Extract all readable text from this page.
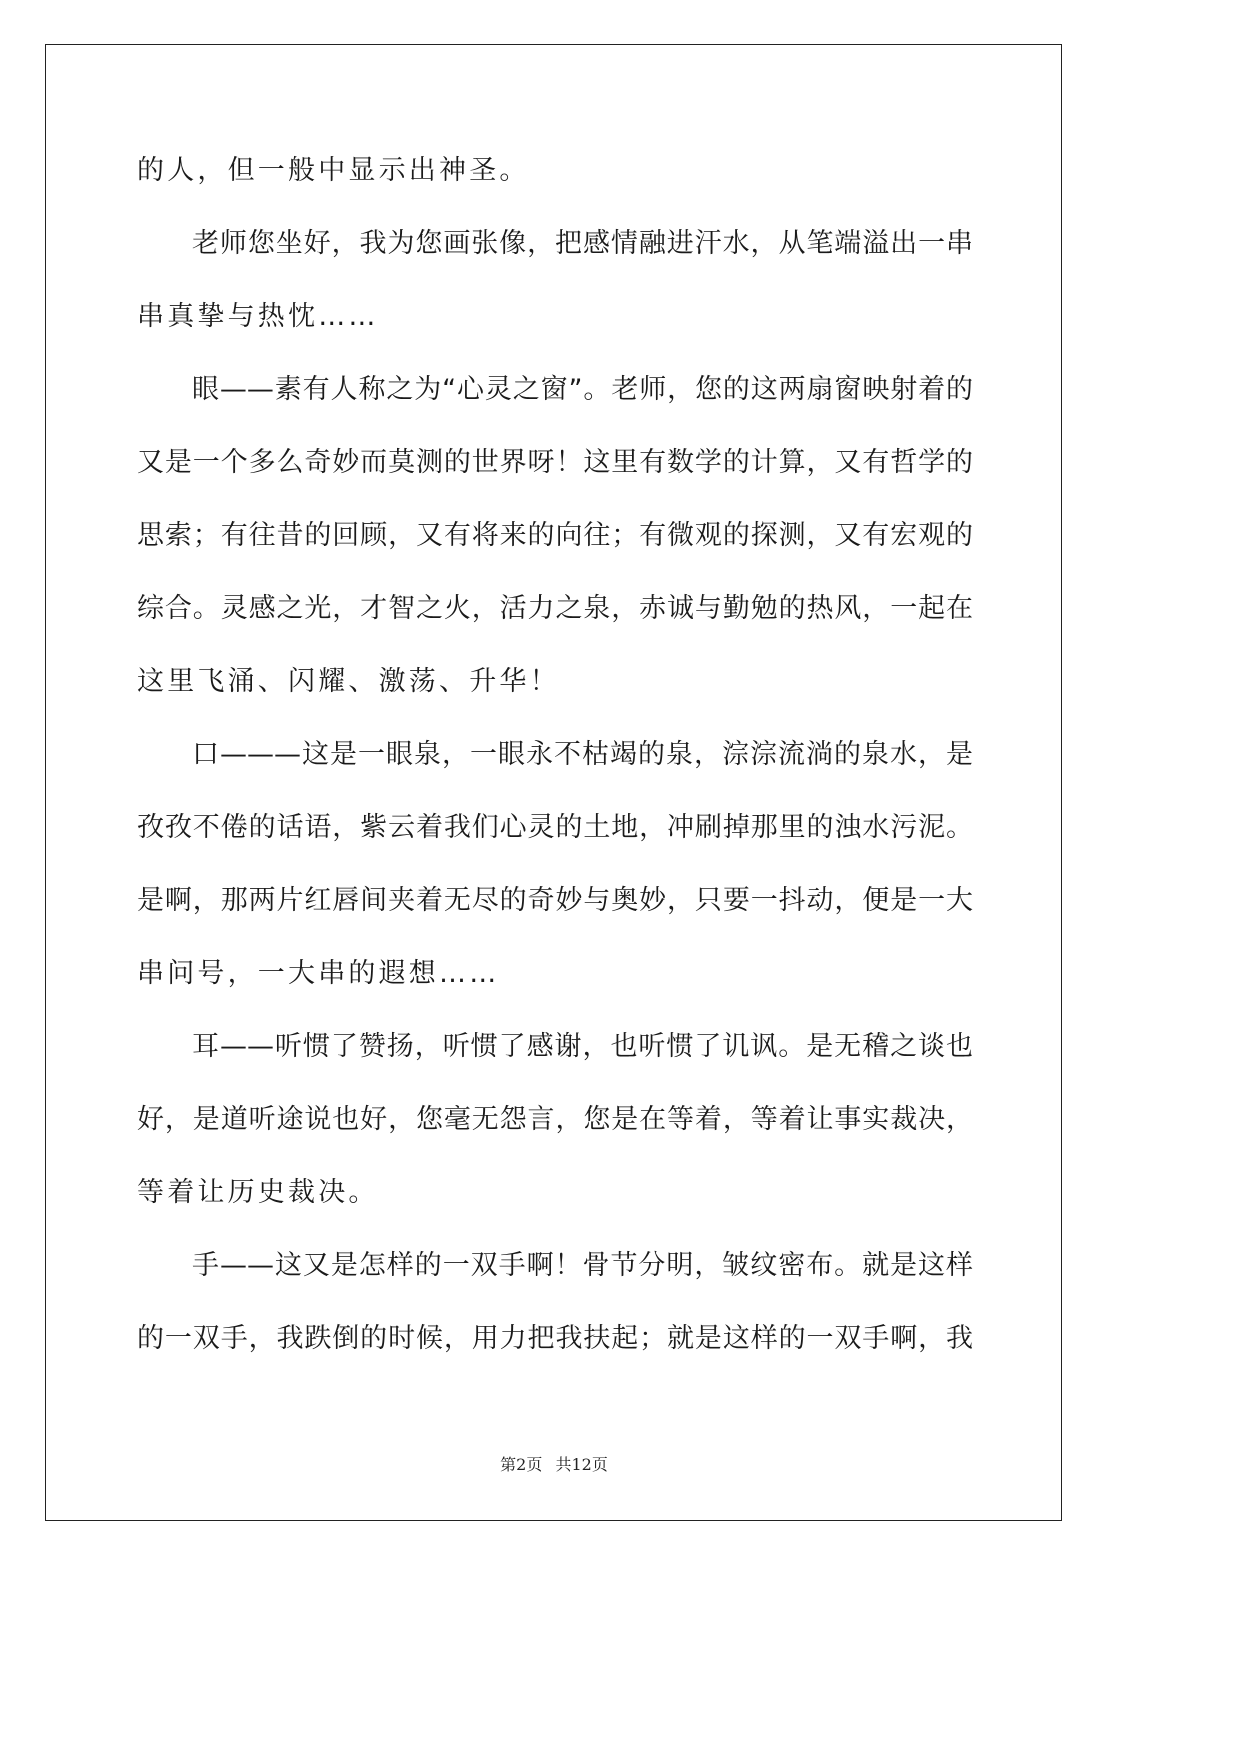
的人，但一般中显示出神圣。
老师您坐好，我为您画张像，把感情融进汗水，从笔端溢出一串
串真挚与热忱……
眼——素有人称之为“心灵之窗”。老师，您的这两扇窗映射着的
又是一个多么奇妙而莫测的世界呀！这里有数学的计算，又有哲学的
思索；有往昔的回顾，又有将来的向往；有微观的探测，又有宏观的
综合。灵感之光，才智之火，活力之泉，赤诚与勤勉的热风，一起在
这里飞涌、闪耀、激荡、升华！
口———这是一眼泉，一眼永不枯竭的泉，淙淙流淌的泉水，是
孜孜不倦的话语，紫云着我们心灵的土地，冲刷掉那里的浊水污泥。
是啊，那两片红唇间夹着无尽的奇妙与奥妙，只要一抖动，便是一大
串问号，一大串的遐想……
耳——听惯了赞扬，听惯了感谢，也听惯了讥讽。是无稽之谈也
好，是道听途说也好，您毫无怨言，您是在等着，等着让事实裁决，
等着让历史裁决。
手——这又是怎样的一双手啊！骨节分明，皱纹密布。就是这样
的一双手，我跌倒的时候，用力把我扶起；就是这样的一双手啊，我
第2页 共12页
